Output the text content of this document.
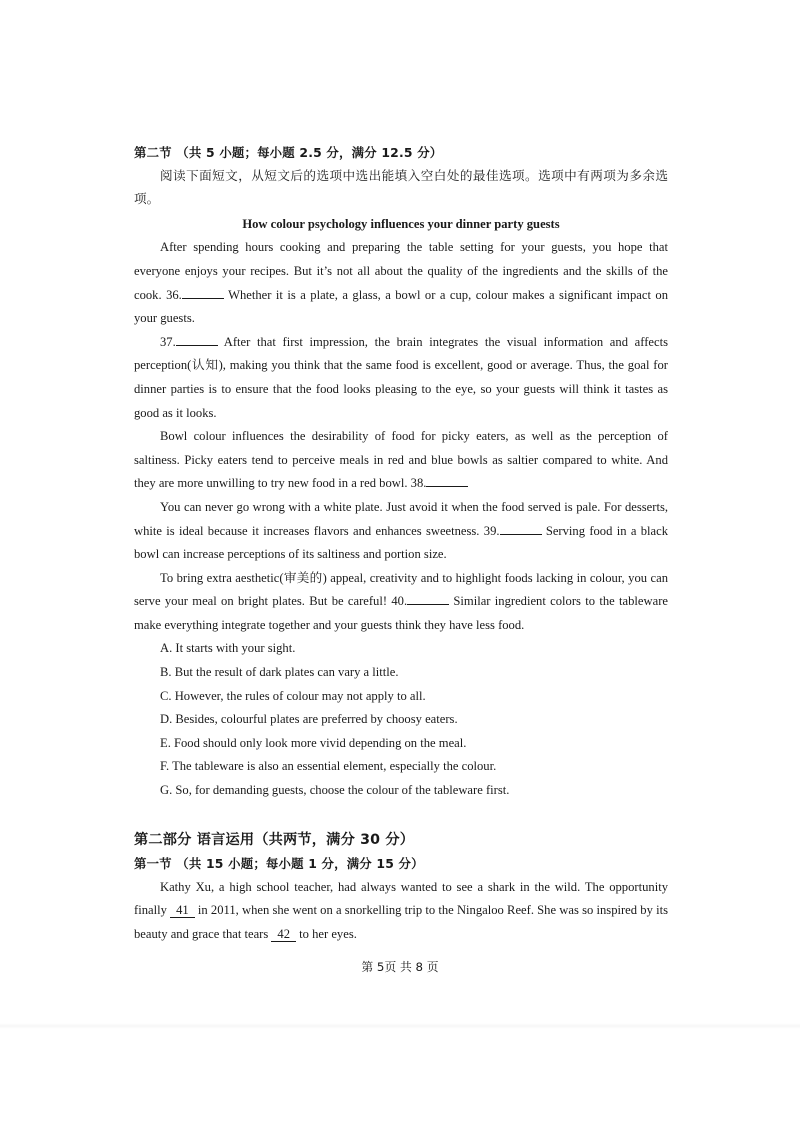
第二节 （共 5 小题；每小题 2.5 分，满分 12.5 分）

阅读下面短文，从短文后的选项中选出能填入空白处的最佳选项。选项中有两项为多余选项。

How colour psychology influences your dinner party guests

After spending hours cooking and preparing the table setting for your guests, you hope that everyone enjoys your recipes. But it’s not all about the quality of the ingredients and the skills of the cook. 36.	Whether it is a plate, a glass, a bowl or a cup, colour makes a significant impact on your guests.

37.	After that first impression, the brain integrates the visual information and affects perception(认知), making you think that the same food is excellent, good or average. Thus, the goal for dinner parties is to ensure that the food looks pleasing to the eye, so your guests will think it tastes as good as it looks.

Bowl colour influences the desirability of food for picky eaters, as well as the perception of saltiness. Picky eaters tend to perceive meals in red and blue bowls as saltier compared to white. And they are more unwilling to try new food in a red bowl. 38.

You can never go wrong with a white plate. Just avoid it when the food served is pale. For desserts, white is ideal because it increases flavors and enhances sweetness. 39.	Serving food in a black bowl can increase perceptions of its saltiness and portion size.

To bring extra aesthetic(审美的) appeal, creativity and to highlight foods lacking in colour, you can serve your meal on bright plates. But be careful! 40.	Similar ingredient colors to the tableware make everything integrate together and your guests think they have less food.

A. It starts with your sight.
B. But the result of dark plates can vary a little.
C. However, the rules of colour may not apply to all.
D. Besides, colourful plates are preferred by choosy eaters.
E. Food should only look more vivid depending on the meal.
F. The tableware is also an essential element, especially the colour.
G. So, for demanding guests, choose the colour of the tableware first.
第二部分 语言运用（共两节，满分 30 分）
第一节 （共 15 小题；每小题 1 分，满分 15 分）

Kathy Xu, a high school teacher, had always wanted to see a shark in the wild. The opportunity finally 41 in 2011, when she went on a snorkelling trip to the Ningaloo Reef. She was so inspired by its beauty and grace that tears 42 to her eyes.

第 5页 共 8 页
